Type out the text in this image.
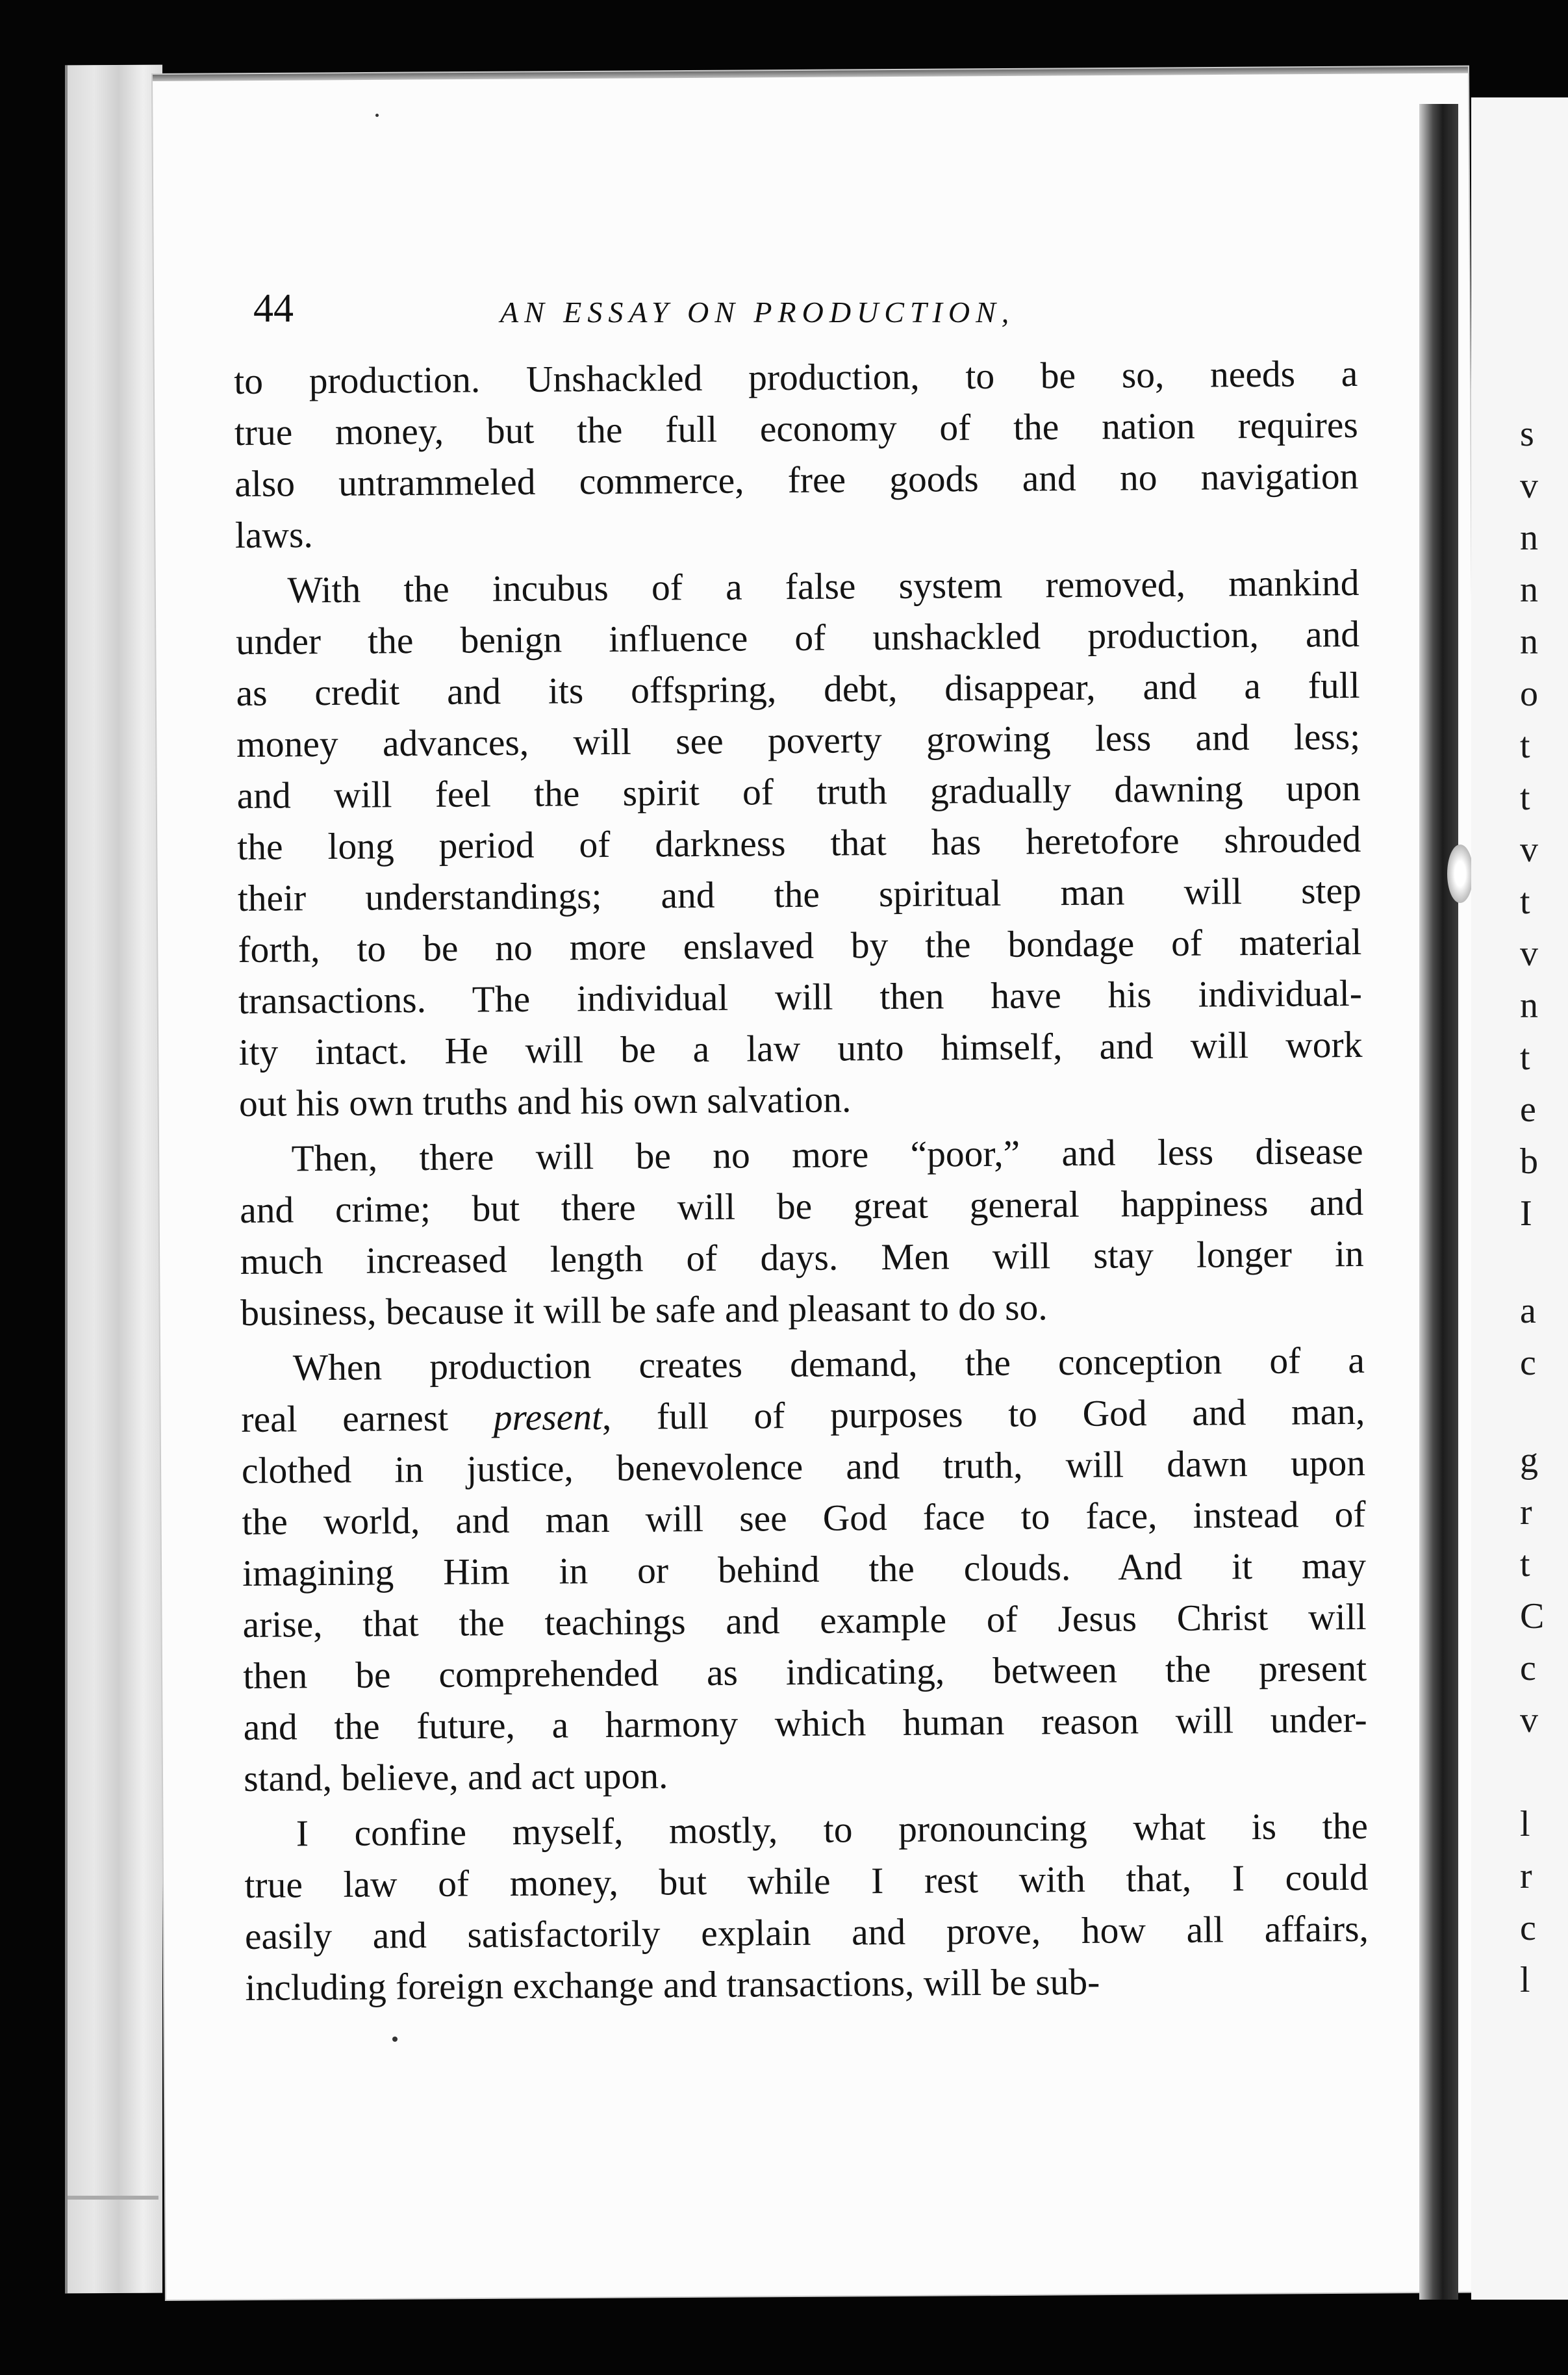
s
v
n
n
n
o
t
t
v
t
v
n
t
e
b
I
a
c
g
r
t
C
c
v
l
r
c
l
44	AN ESSAY ON PRODUCTION,

to production. Unshackled production, to be so, needs a
true money, but the full economy of the nation requires
also untrammeled commerce, free goods and no navigation
laws.

With the incubus of a false system removed, mankind
under the benign influence of unshackled production, and
as credit and its offspring, debt, disappear, and a full
money advances, will see poverty growing less and less;
and will feel the spirit of truth gradually dawning upon
the long period of darkness that has heretofore shrouded
their understandings; and the spiritual man will step
forth, to be no more enslaved by the bondage of material
transactions. The individual will then have his individual-
ity intact. He will be a law unto himself, and will work
out his own truths and his own salvation.

Then, there will be no more “poor,” and less disease
and crime; but there will be great general happiness and
much increased length of days. Men will stay longer in
business, because it will be safe and pleasant to do so.

When production creates demand, the conception of a
real earnest present, full of purposes to God and man,
clothed in justice, benevolence and truth, will dawn upon
the world, and man will see God face to face, instead of
imagining Him in or behind the clouds. And it may
arise, that the teachings and example of Jesus Christ will
then be comprehended as indicating, between the present
and the future, a harmony which human reason will under-
stand, believe, and act upon.

I confine myself, mostly, to pronouncing what is the
true law of money, but while I rest with that, I could
easily and satisfactorily explain and prove, how all affairs,
including foreign exchange and transactions, will be sub-
